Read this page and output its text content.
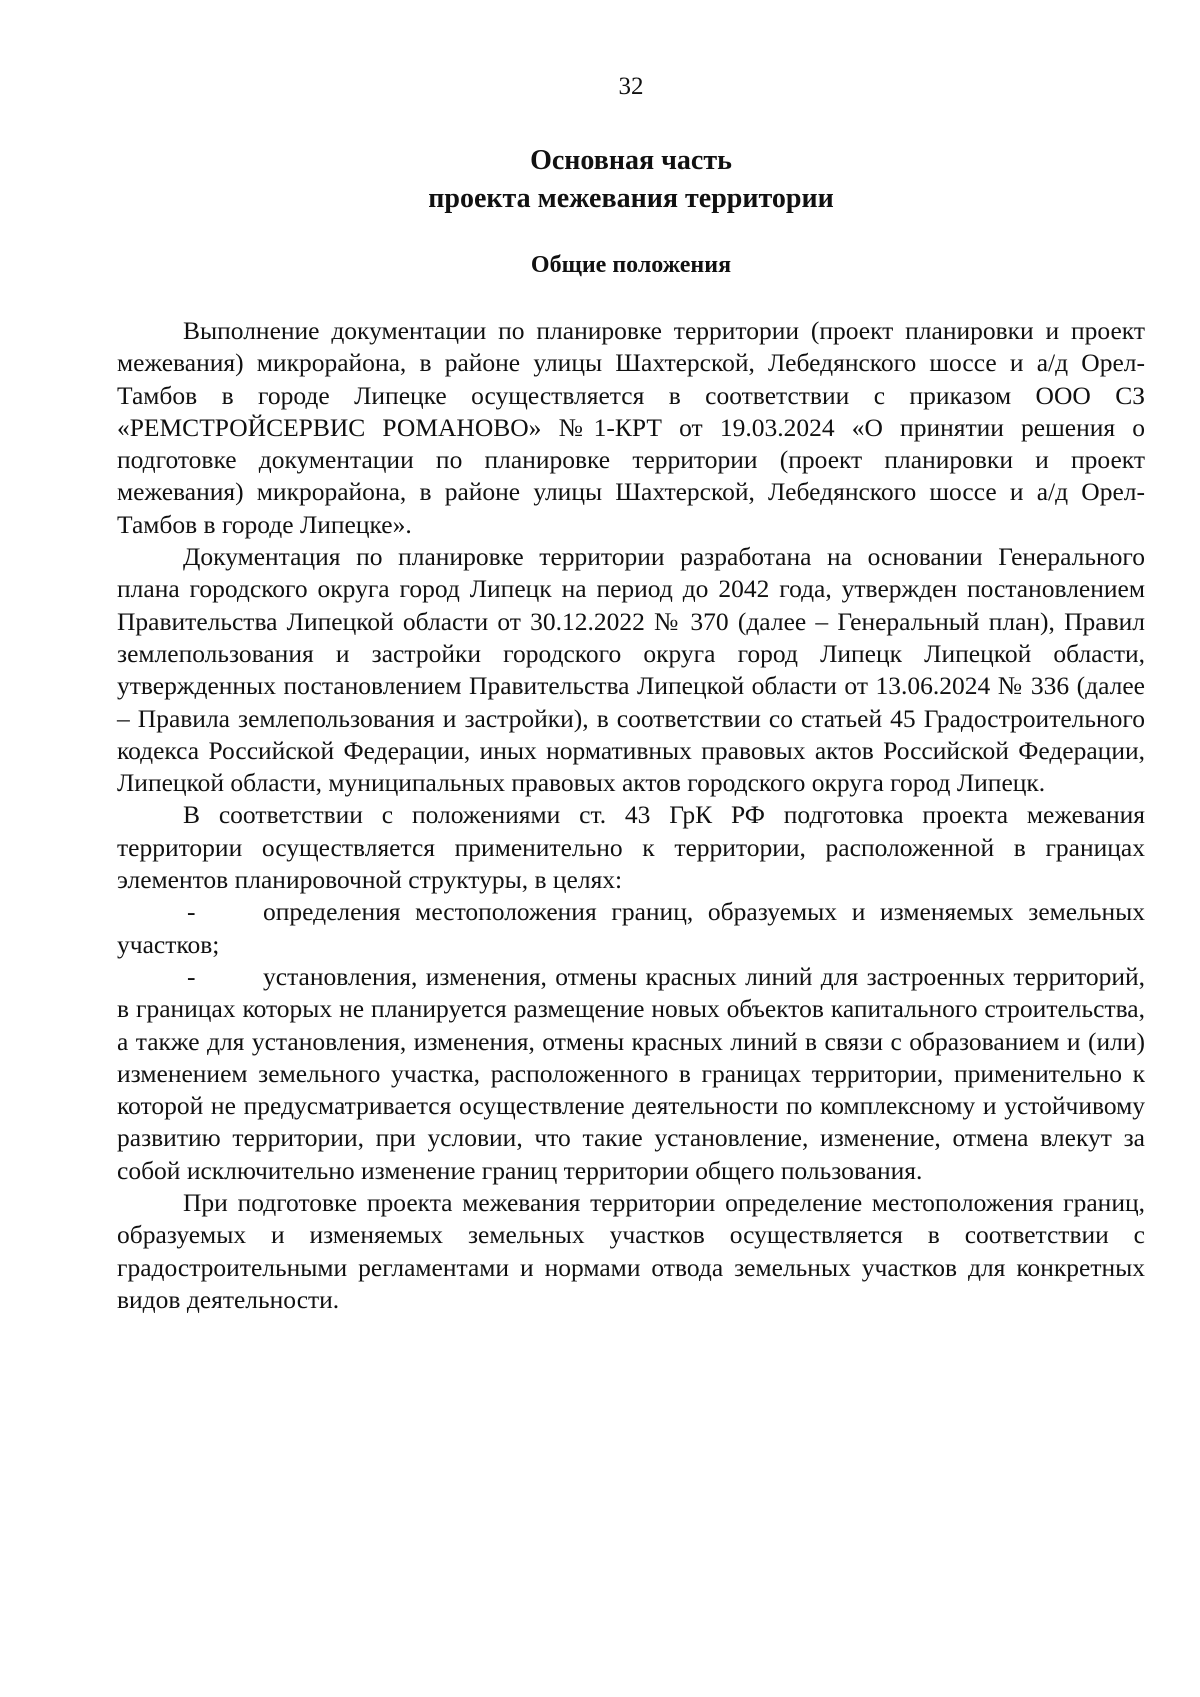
32
Основная часть
проекта межевания территории
Общие положения

Выполнение документации по планировке территории (проект планировки и проект межевания) микрорайона, в районе улицы Шахтерской, Лебедянского шоссе и а/д Орел-Тамбов в городе Липецке осуществляется в соответствии с приказом ООО СЗ «РЕМСТРОЙСЕРВИС РОМАНОВО» №1-КРТ от 19.03.2024 «О принятии решения о подготовке документации по планировке территории (проект планировки и проект межевания) микрорайона, в районе улицы Шахтерской, Лебедянского шоссе и а/д Орел-Тамбов в городе Липецке».

Документация по планировке территории разработана на основании Генерального плана городского округа город Липецк на период до 2042 года, утвержден постановлением Правительства Липецкой области от 30.12.2022 № 370 (далее – Генеральный план), Правил землепользования и застройки городского округа город Липецк Липецкой области, утвержденных постановлением Правительства Липецкой области от 13.06.2024 № 336 (далее – Правила землепользования и застройки), в соответствии со статьей 45 Градостроительного кодекса Российской Федерации, иных нормативных правовых актов Российской Федерации, Липецкой области, муниципальных правовых актов городского округа город Липецк.

В соответствии с положениями ст. 43 ГрК РФ подготовка проекта межевания территории осуществляется применительно к территории, расположенной в границах элементов планировочной структуры, в целях:

-	определения местоположения границ, образуемых и изменяемых земельных участков;

-	установления, изменения, отмены красных линий для застроенных территорий, в границах которых не планируется размещение новых объектов капитального строительства, а также для установления, изменения, отмены красных линий в связи с образованием и (или) изменением земельного участка, расположенного в границах территории, применительно к которой не предусматривается осуществление деятельности по комплексному и устойчивому развитию территории, при условии, что такие установление, изменение, отмена влекут за собой исключительно изменение границ территории общего пользования.

При подготовке проекта межевания территории определение местоположения границ, образуемых и изменяемых земельных участков осуществляется в соответствии с градостроительными регламентами и нормами отвода земельных участков для конкретных видов деятельности.
